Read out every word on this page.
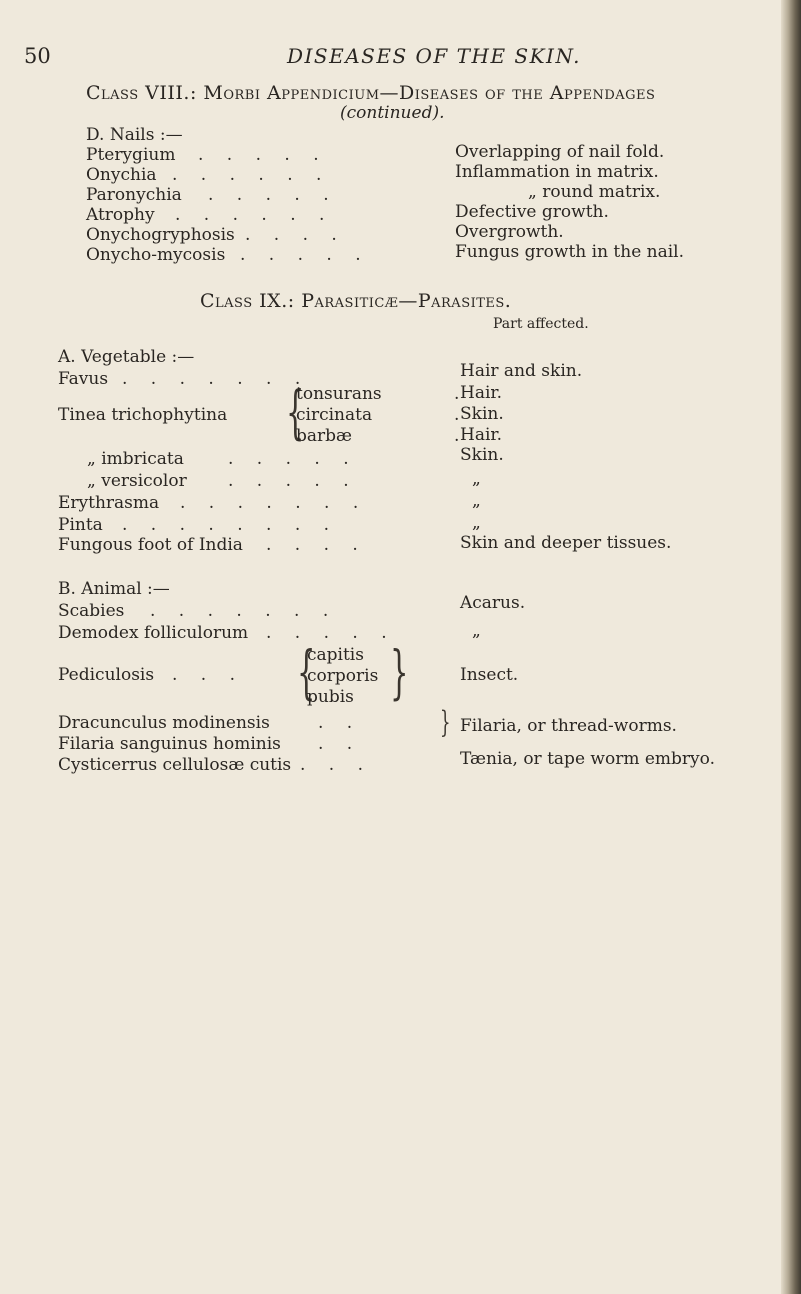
50	DISEASES OF THE SKIN.
Class VIII.: Morbi Appendicium—Diseases of the Appendages
(continued).
D. Nails :—
Pterygium . . . . .	Overlapping of nail fold.
Onychia . . . . . .	Inflammation in matrix.
Paronychia . . . . .	„ round matrix.
Atrophy . . . . . .	Defective growth.
Onychogryphosis . . . .	Overgrowth.
Onycho-mycosis . . . . .	Fungus growth in the nail.
Class IX.: Parasiticæ—Parasites.
Part affected.
A. Vegetable :—
Favus . . . . . . .	Hair and skin.
Tinea trichophytina {
tonsurans	. Hair.
circinata	. Skin.
barbæ	. Hair.
„ imbricata	. . . . .	Skin.
„ versicolor . . . . .	„
Erythrasma . . . . . . .	„
Pinta . . . . . . . .	„
Fungous foot of India . . . .	Skin and deeper tissues.
B. Animal :—
Scabies . . . . . . .	Acarus.
Demodex folliculorum . . . . .	„
Pediculosis . . . {
capitis
corporis
pubis }	Insect.
Dracunculus modinensis	. .	} Filaria, or thread-worms.
Filaria sanguinus hominis . .
Cysticerrus cellulosæ cutis . . .	Tænia, or tape worm embryo.
